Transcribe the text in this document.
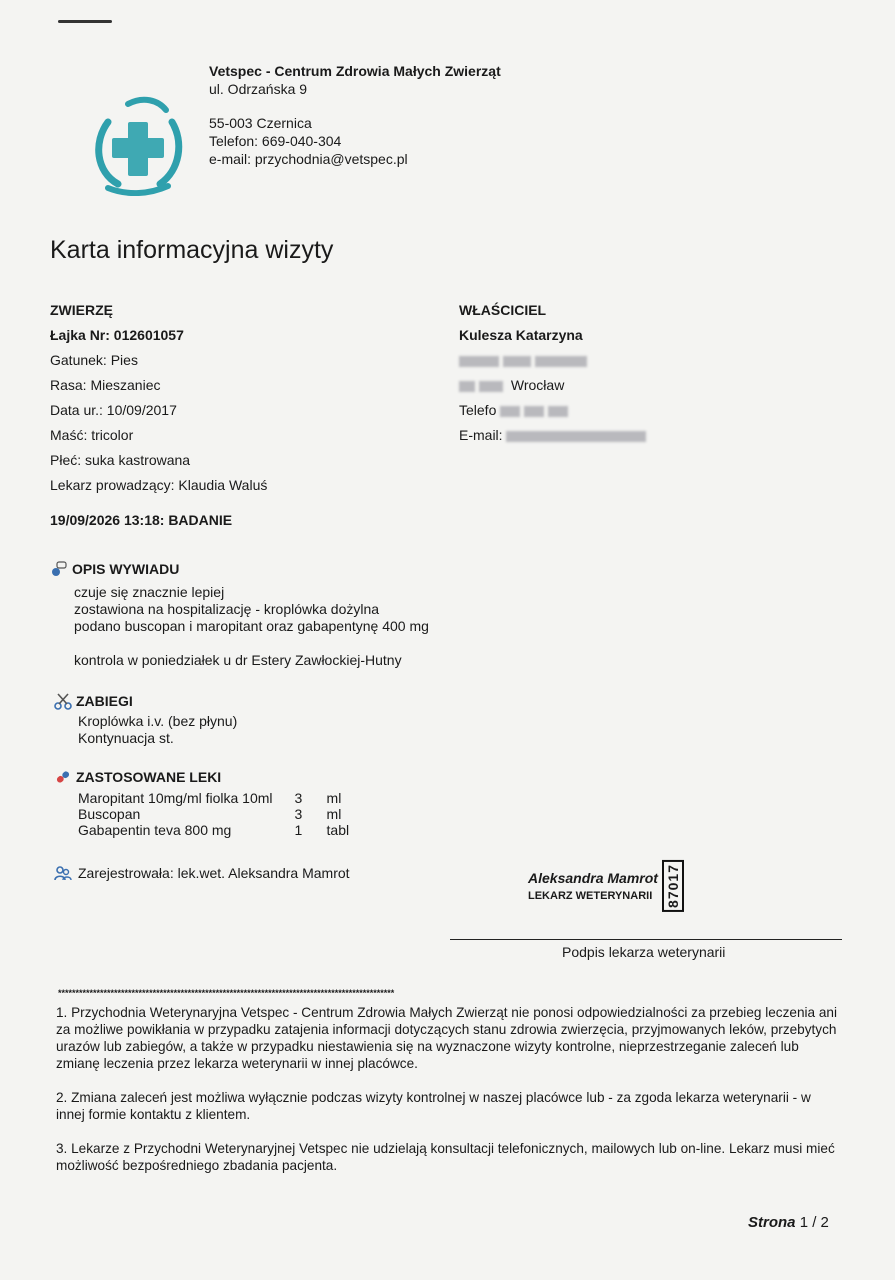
Vetspec - Centrum Zdrowia Małych Zwierząt
ul. Odrzańska 9
55-003 Czernica
Telefon: 669-040-304
e-mail: przychodnia@vetspec.pl
Karta informacyjna wizyty
ZWIERZĘ
Łajka Nr: 012601057
Gatunek: Pies
Rasa: Mieszaniec
Data ur.: 10/09/2017
Maść: tricolor
Płeć: suka kastrowana
Lekarz prowadzący: Klaudia Waluś
WŁAŚCICIEL
Kulesza Katarzyna
Wrocław
Telefo
E-mail:
19/09/2026 13:18: BADANIE
OPIS WYWIADU
czuje się znacznie lepiej
zostawiona na hospitalizację - kroplówka dożylna
podano buscopan i maropitant oraz gabapentynę 400 mg
kontrola w poniedziałek u dr Estery Zawłockiej-Hutny
ZABIEGI
Kroplówka i.v. (bez płynu)
Kontynuacja st.
ZASTOSOWANE LEKI
Maropitant 10mg/ml fiolka 10ml	3	ml
Buscopan	3	ml
Gabapentin teva 800 mg	1	tabl
Zarejestrowała: lek.wet. Aleksandra Mamrot	Aleksandra Mamrot
LEKARZ WETERYNARII 87017
Podpis lekarza weterynarii
************************************************************************************************

1. Przychodnia Weterynaryjna Vetspec - Centrum Zdrowia Małych Zwierząt nie ponosi odpowiedzialności za przebieg leczenia ani za możliwe powikłania w przypadku zatajenia informacji dotyczących stanu zdrowia zwierzęcia, przyjmowanych leków, przebytych urazów lub zabiegów, a także w przypadku niestawienia się na wyznaczone wizyty kontrolne, nieprzestrzeganie zaleceń lub zmianę leczenia przez lekarza weterynarii w innej placówce.

2. Zmiana zaleceń jest możliwa wyłącznie podczas wizyty kontrolnej w naszej placówce lub - za zgoda lekarza weterynarii - w innej formie kontaktu z klientem.

3. Lekarze z Przychodni Weterynaryjnej Vetspec nie udzielają konsultacji telefonicznych, mailowych lub on-line. Lekarz musi mieć możliwość bezpośredniego zbadania pacjenta.

Strona 1 / 2
